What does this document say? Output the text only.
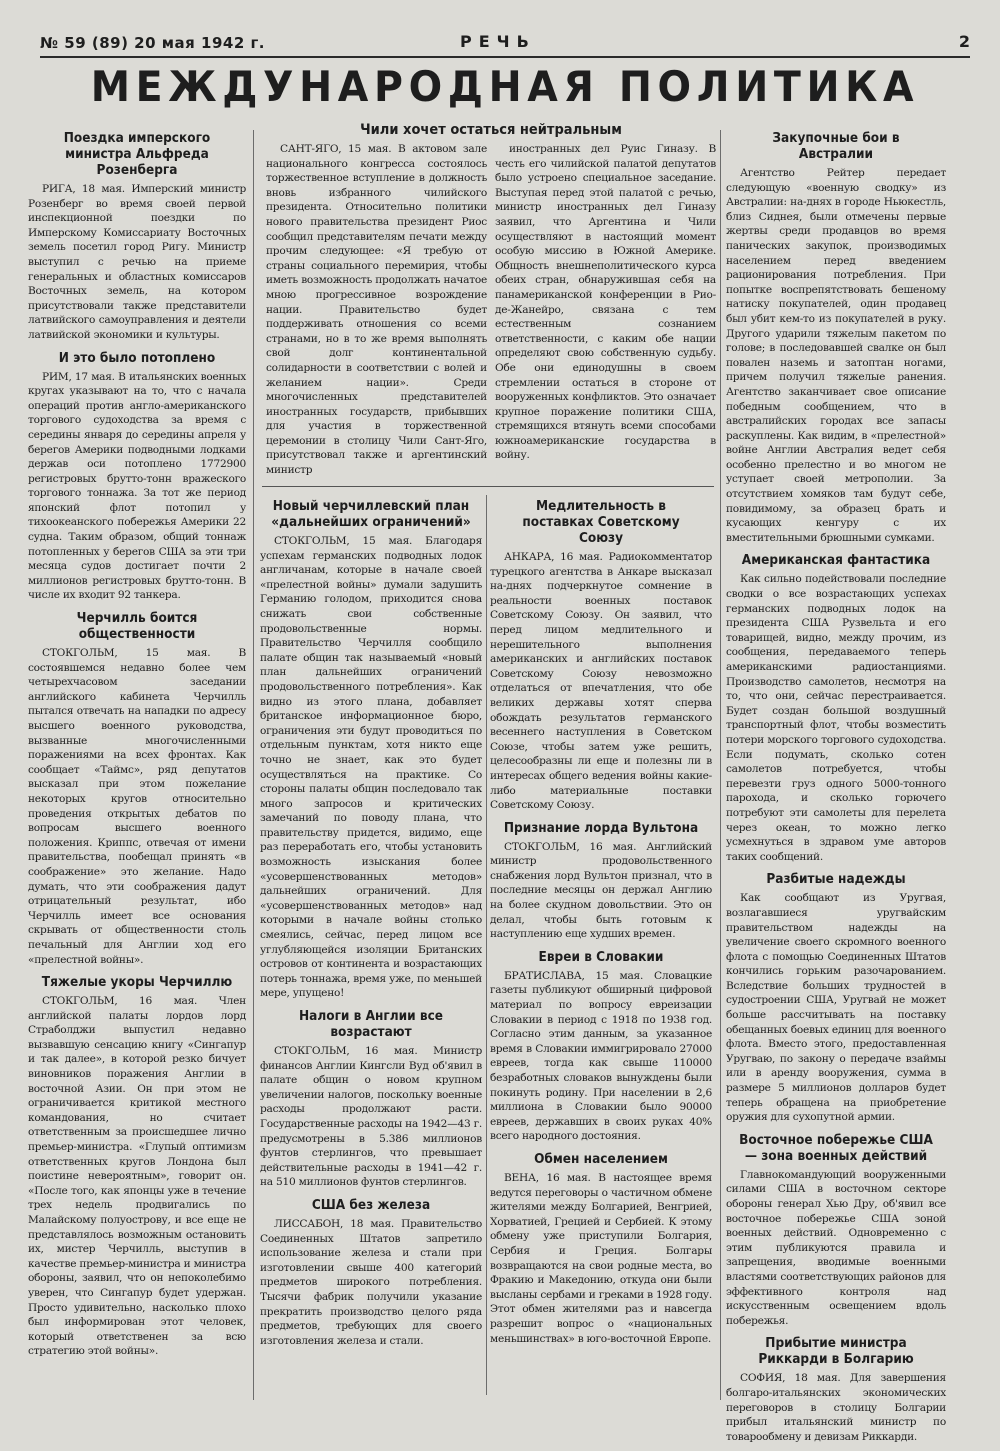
№ 59 (89) 20 мая 1942 г.	РЕЧЬ	2
МЕЖДУНАРОДНАЯ ПОЛИТИКА
Поездка имперского министра Альфреда Розенберга

РИГА, 18 мая. Имперский министр Розенберг во время своей первой инспекционной поездки по Имперскому Комиссариату Восточных земель посетил город Ригу. Министр выступил с речью на приеме генеральных и областных комиссаров Восточных земель, на котором присутствовали также представители латвийского самоуправления и деятели латвийской экономики и культуры.

И это было потоплено

РИМ, 17 мая. В итальянских военных кругах указывают на то, что с начала операций против англо-американского торгового судоходства за время с середины января до середины апреля у берегов Америки подводными лодками держав оси потоплено 1772900 регистровых брутто-тонн вражеского торгового тоннажа. За тот же период японский флот потопил у тихоокеанского побережья Америки 22 судна. Таким образом, общий тоннаж потопленных у берегов США за эти три месяца судов достигает почти 2 миллионов регистровых брутто-тонн. В числе их входит 92 танкера.

Черчилль боится общественности

СТОКГОЛЬМ, 15 мая. В состоявшемся недавно более чем четырехчасовом заседании английского кабинета Черчилль пытался отвечать на нападки по адресу высшего военного руководства, вызванные многочисленными поражениями на всех фронтах. Как сообщает «Таймс», ряд депутатов высказал при этом пожелание некоторых кругов относительно проведения открытых дебатов по вопросам высшего военного положения. Криппс, отвечая от имени правительства, пообещал принять «в соображение» это желание. Надо думать, что эти соображения дадут отрицательный результат, ибо Черчилль имеет все основания скрывать от общественности столь печальный для Англии ход его «прелестной войны».

Тяжелые укоры Черчиллю

СТОКГОЛЬМ, 16 мая. Член английской палаты лордов лорд Страболджи выпустил недавно вызвавшую сенсацию книгу «Сингапур и так далее», в которой резко бичует виновников поражения Англии в восточной Азии. Он при этом не ограничивается критикой местного командования, но считает ответственным за происшедшее лично премьер-министра. «Глупый оптимизм ответственных кругов Лондона был поистине невероятным», говорит он. «После того, как японцы уже в течение трех недель продвигались по Малайскому полуострову, и все еще не представлялось возможным остановить их, мистер Черчилль, выступив в качестве премьер-министра и министра обороны, заявил, что он непоколебимо уверен, что Сингапур будет удержан. Просто удивительно, насколько плохо был информирован этот человек, который ответственен за всю стратегию этой войны».

Чили хочет остаться нейтральным

САНТ-ЯГО, 15 мая. В актовом зале национального конгресса состоялось торжественное вступление в должность вновь избранного чилийского президента. Относительно политики нового правительства президент Риос сообщил представителям печати между прочим следующее: «Я требую от страны социального перемирия, чтобы иметь возможность продолжать начатое мною прогрессивное возрождение нации. Правительство будет поддерживать отношения со всеми странами, но в то же время выполнять свой долг континентальной солидарности в соответствии с волей и желанием нации». Среди многочисленных представителей иностранных государств, прибывших для участия в торжественной церемонии в столицу Чили Сант-Яго, присутствовал также и аргентинский министр

иностранных дел Руис Гиназу. В честь его чилийской палатой депутатов было устроено специальное заседание. Выступая перед этой палатой с речью, министр иностранных дел Гиназу заявил, что Аргентина и Чили осуществляют в настоящий момент особую миссию в Южной Америке. Общность внешнеполитического курса обеих стран, обнаружившая себя на панамериканской конференции в Рио-де-Жанейро, связана с тем естественным сознанием ответственности, с каким обе нации определяют свою собственную судьбу. Обе они единодушны в своем стремлении остаться в стороне от вооруженных конфликтов. Это означает крупное поражение политики США, стремящихся втянуть всеми способами южноамериканские государства в войну.

Новый черчиллевский план «дальнейших ограничений»

СТОКГОЛЬМ, 15 мая. Благодаря успехам германских подводных лодок англичанам, которые в начале своей «прелестной войны» думали задушить Германию голодом, приходится снова снижать свои собственные продовольственные нормы. Правительство Черчилля сообщило палате общин так называемый «новый план дальнейших ограничений продовольственного потребления». Как видно из этого плана, добавляет британское информационное бюро, ограничения эти будут проводиться по отдельным пунктам, хотя никто еще точно не знает, как это будет осуществляться на практике. Со стороны палаты общин последовало так много запросов и критических замечаний по поводу плана, что правительству придется, видимо, еще раз переработать его, чтобы установить возможность изыскания более «усовершенствованных методов» дальнейших ограничений. Для «усовершенствованных методов» над которыми в начале войны столько смеялись, сейчас, перед лицом все углубляющейся изоляции Британских островов от континента и возрастающих потерь тоннажа, время уже, по меньшей мере, упущено!

Налоги в Англии все возрастают

СТОКГОЛЬМ, 16 мая. Министр финансов Англии Кингсли Вуд об'явил в палате общин о новом крупном увеличении налогов, поскольку военные расходы продолжают расти. Государственные расходы на 1942—43 г. предусмотрены в 5.386 миллионов фунтов стерлингов, что превышает действительные расходы в 1941—42 г. на 510 миллионов фунтов стерлингов.

США без железа

ЛИССАБОН, 18 мая. Правительство Соединенных Штатов запретило использование железа и стали при изготовлении свыше 400 категорий предметов широкого потребления. Тысячи фабрик получили указание прекратить производство целого ряда предметов, требующих для своего изготовления железа и стали.

Медлительность в поставках Советскому Союзу

АНКАРА, 16 мая. Радиокомментатор турецкого агентства в Анкаре высказал на-днях подчеркнутое сомнение в реальности военных поставок Советскому Союзу. Он заявил, что перед лицом медлительного и нерешительного выполнения американских и английских поставок Советскому Союзу невозможно отделаться от впечатления, что обе великих державы хотят сперва обождать результатов германского весеннего наступления в Советском Союзе, чтобы затем уже решить, целесообразны ли еще и полезны ли в интересах общего ведения войны какие-либо материальные поставки Советскому Союзу.

Признание лорда Вультона

СТОКГОЛЬМ, 16 мая. Английский министр продовольственного снабжения лорд Вультон признал, что в последние месяцы он держал Англию на более скудном довольствии. Это он делал, чтобы быть готовым к наступлению еще худших времен.

Евреи в Словакии

БРАТИСЛАВА, 15 мая. Словацкие газеты публикуют обширный цифровой материал по вопросу евреизации Словакии в период с 1918 по 1938 год. Согласно этим данным, за указанное время в Словакии иммигрировало 27000 евреев, тогда как свыше 110000 безработных словаков вынуждены были покинуть родину. При населении в 2,6 миллиона в Словакии было 90000 евреев, державших в своих руках 40% всего народного достояния.

Обмен населением

ВЕНА, 16 мая. В настоящее время ведутся переговоры о частичном обмене жителями между Болгарией, Венгрией, Хорватией, Грецией и Сербией. К этому обмену уже приступили Болгария, Сербия и Греция. Болгары возвращаются на свои родные места, во Фракию и Македонию, откуда они были высланы сербами и греками в 1928 году. Этот обмен жителями раз и навсегда разрешит вопрос о «национальных меньшинствах» в юго-восточной Европе.

Закупочные бои в Австралии

Агентство Рейтер передает следующую «военную сводку» из Австралии: на-днях в городе Ньюкестль, близ Сиднея, были отмечены первые жертвы среди продавцов во время панических закупок, производимых населением перед введением рационирования потребления. При попытке воспрепятствовать бешеному натиску покупателей, один продавец был убит кем-то из покупателей в руку. Другого ударили тяжелым пакетом по голове; в последовавшей свалке он был повален наземь и затоптан ногами, причем получил тяжелые ранения. Агентство заканчивает свое описание победным сообщением, что в австралийских городах все запасы раскуплены. Как видим, в «прелестной» войне Англии Австралия ведет себя особенно прелестно и во многом не уступает своей метрополии. За отсутствием хомяков там будут себе, повидимому, за образец брать и кусающих кенгуру с их вместительными брюшными сумками.

Американская фантастика

Как сильно подействовали последние сводки о все возрастающих успехах германских подводных лодок на президента США Рузвельта и его товарищей, видно, между прочим, из сообщения, передаваемого теперь американскими радиостанциями. Производство самолетов, несмотря на то, что они, сейчас перестраивается. Будет создан большой воздушный транспортный флот, чтобы возместить потери морского торгового судоходства. Если подумать, сколько сотен самолетов потребуется, чтобы перевезти груз одного 5000-тонного парохода, и сколько горючего потребуют эти самолеты для перелета через океан, то можно легко усмехнуться в здравом уме авторов таких сообщений.

Разбитые надежды

Как сообщают из Уругвая, возлагавшиеся уругвайским правительством надежды на увеличение своего скромного военного флота с помощью Соединенных Штатов кончились горьким разочарованием. Вследствие больших трудностей в судостроении США, Уругвай не может больше рассчитывать на поставку обещанных боевых единиц для военного флота. Вместо этого, предоставленная Уругваю, по закону о передаче взаймы или в аренду вооружения, сумма в размере 5 миллионов долларов будет теперь обращена на приобретение оружия для сухопутной армии.

Восточное побережье США— зона военных действий

Главнокомандующий вооруженными силами США в восточном секторе обороны генерал Хью Дру, об'явил все восточное побережье США зоной военных действий. Одновременно с этим публикуются правила и запрещения, вводимые военными властями соответствующих районов для эффективного контроля над искусственным освещением вдоль побережья.

Прибытие министра Риккарди в Болгарию

СОФИЯ, 18 мая. Для завершения болгаро-итальянских экономических переговоров в столицу Болгарии прибыл итальянский министр по товарообмену и девизам Риккарди.
